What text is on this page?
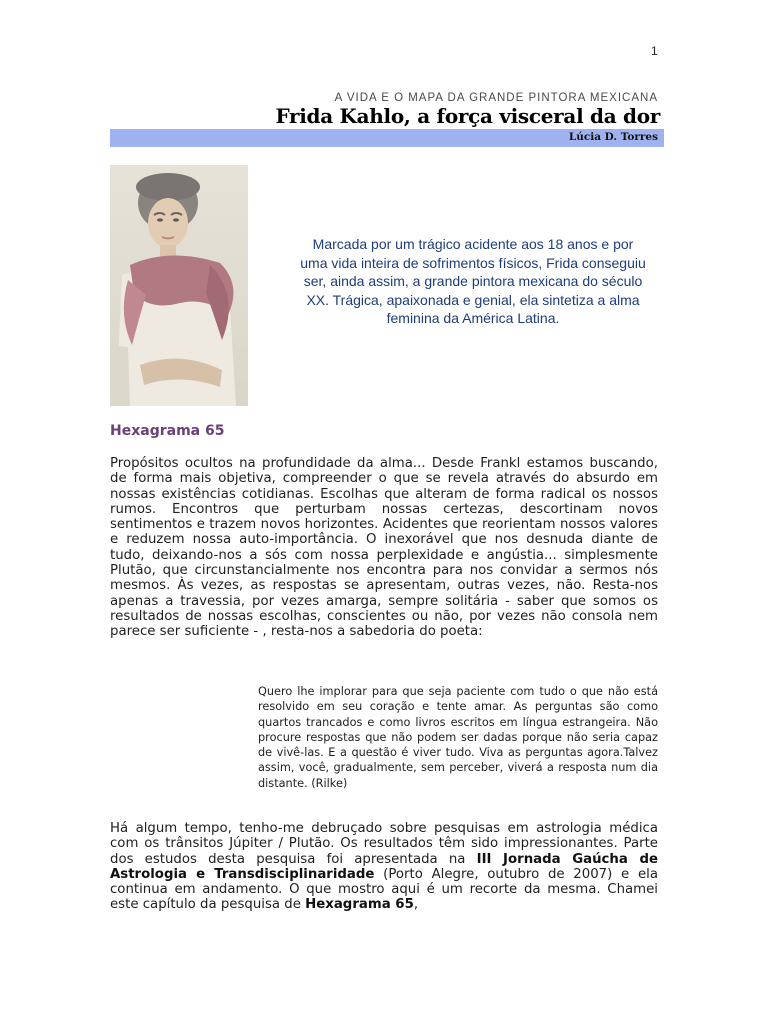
1
A VIDA E O MAPA DA GRANDE PINTORA MEXICANA
Frida Kahlo, a força visceral da dor
Lúcia D. Torres
Marcada por um trágico acidente aos 18 anos e por uma vida inteira de sofrimentos físicos, Frida conseguiu ser, ainda assim, a grande pintora mexicana do século XX. Trágica, apaixonada e genial, ela sintetiza a alma feminina da América Latina.
Hexagrama 65

Propósitos ocultos na profundidade da alma... Desde Frankl estamos buscando, de forma mais objetiva, compreender o que se revela através do absurdo em nossas existências cotidianas. Escolhas que alteram de forma radical os nossos rumos. Encontros que perturbam nossas certezas, descortinam novos sentimentos e trazem novos horizontes. Acidentes que reorientam nossos valores e reduzem nossa auto-importância. O inexorável que nos desnuda diante de tudo, deixando-nos a sós com nossa perplexidade e angústia... simplesmente Plutão, que circunstancialmente nos encontra para nos convidar a sermos nós mesmos. Às vezes, as respostas se apresentam, outras vezes, não. Resta-nos apenas a travessia, por vezes amarga, sempre solitária - saber que somos os resultados de nossas escolhas, conscientes ou não, por vezes não consola nem parece ser suficiente - , resta-nos a sabedoria do poeta:

Quero lhe implorar para que seja paciente com tudo o que não está resolvido em seu coração e tente amar. As perguntas são como quartos trancados e como livros escritos em língua estrangeira. Não procure respostas que não podem ser dadas porque não seria capaz de vivê-las. E a questão é viver tudo. Viva as perguntas agora.Talvez assim, você, gradualmente, sem perceber, viverá a resposta num dia distante. (Rilke)

Há algum tempo, tenho-me debruçado sobre pesquisas em astrologia médica com os trânsitos Júpiter / Plutão. Os resultados têm sido impressionantes. Parte dos estudos desta pesquisa foi apresentada na III Jornada Gaúcha de Astrologia e Transdisciplinaridade (Porto Alegre, outubro de 2007) e ela continua em andamento. O que mostro aqui é um recorte da mesma. Chamei este capítulo da pesquisa de Hexagrama 65,
